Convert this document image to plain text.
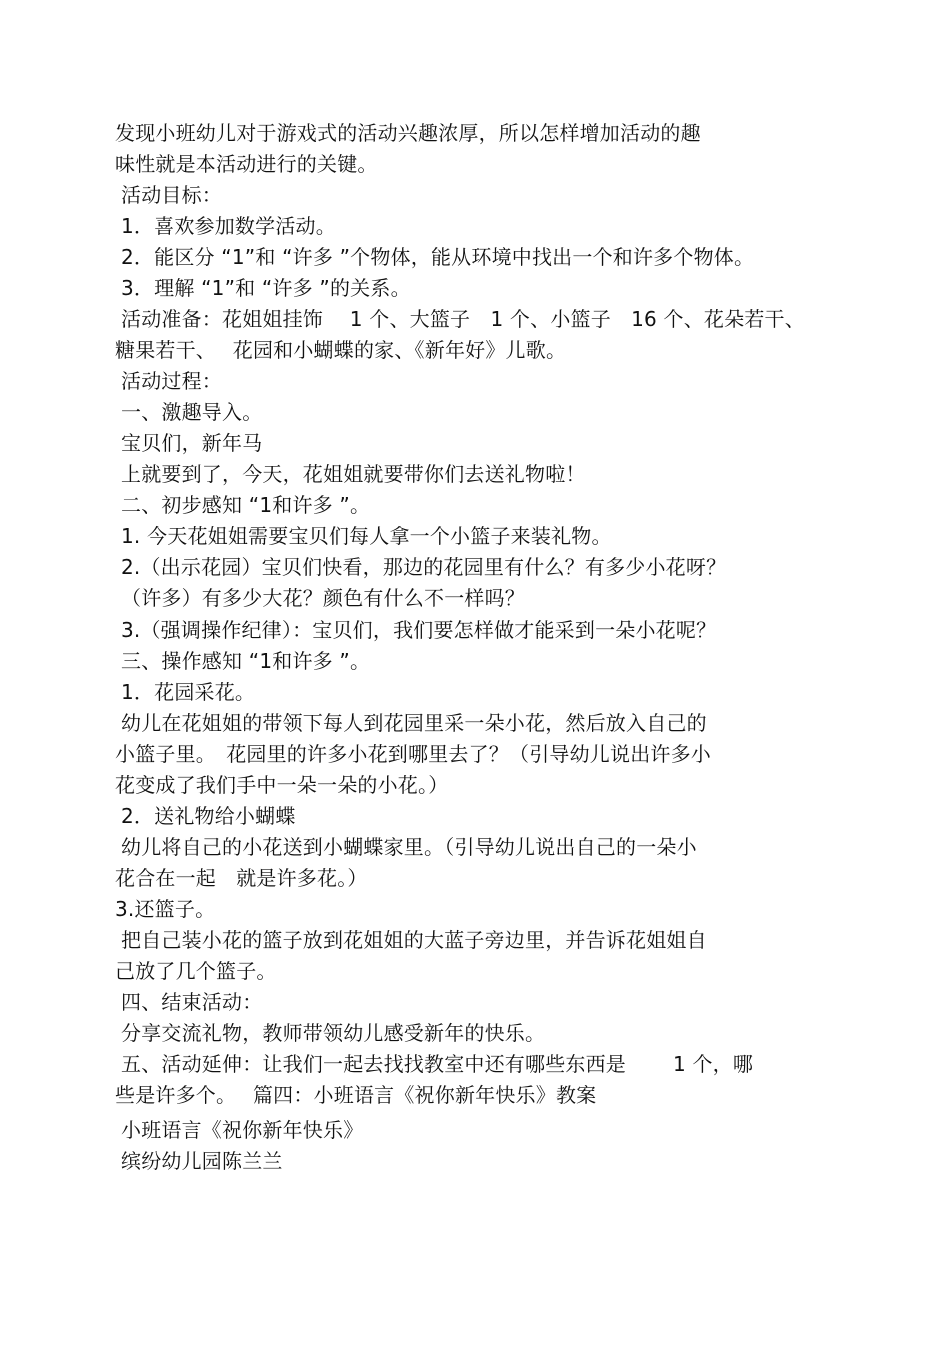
发现小班幼儿对于游戏式的活动兴趣浓厚，所以怎样增加活动的趣
味性就是本活动进行的关键。
活动目标：
1．喜欢参加数学活动。
2．能区分 “1”和 “许多 ”个物体，能从环境中找出一个和许多个物体。
3．理解 “1”和 “许多 ”的关系。
活动准备：花姐姐挂饰　 1 个、大篮子　1 个、小篮子　16 个、花朵若干、
糖果若干、　 花园和小蝴蝶的家、《新年好》儿歌。
活动过程：
一、激趣导入。
宝贝们，新年马
上就要到了，今天，花姐姐就要带你们去送礼物啦！
二、初步感知 “1和许多 ”。
1. 今天花姐姐需要宝贝们每人拿一个小篮子来装礼物。
2.（出示花园）宝贝们快看，那边的花园里有什么？有多少小花呀？
（许多）有多少大花？颜色有什么不一样吗？
3.（强调操作纪律）：宝贝们，我们要怎样做才能采到一朵小花呢？
三、操作感知 “1和许多 ”。
1．花园采花。
幼儿在花姐姐的带领下每人到花园里采一朵小花，然后放入自己的
小篮子里。　花园里的许多小花到哪里去了？（引导幼儿说出许多小
花变成了我们手中一朵一朵的小花。）
2．送礼物给小蝴蝶
幼儿将自己的小花送到小蝴蝶家里。（引导幼儿说出自己的一朵小
花合在一起　就是许多花。）
3.还篮子。
把自己装小花的篮子放到花姐姐的大蓝子旁边里，并告诉花姐姐自
己放了几个篮子。
四、结束活动：
分享交流礼物，教师带领幼儿感受新年的快乐。
五、活动延伸：让我们一起去找找教室中还有哪些东西是　　 1 个，哪
些是许多个。　 篇四：小班语言《祝你新年快乐》教案
小班语言《祝你新年快乐》
缤纷幼儿园陈兰兰
